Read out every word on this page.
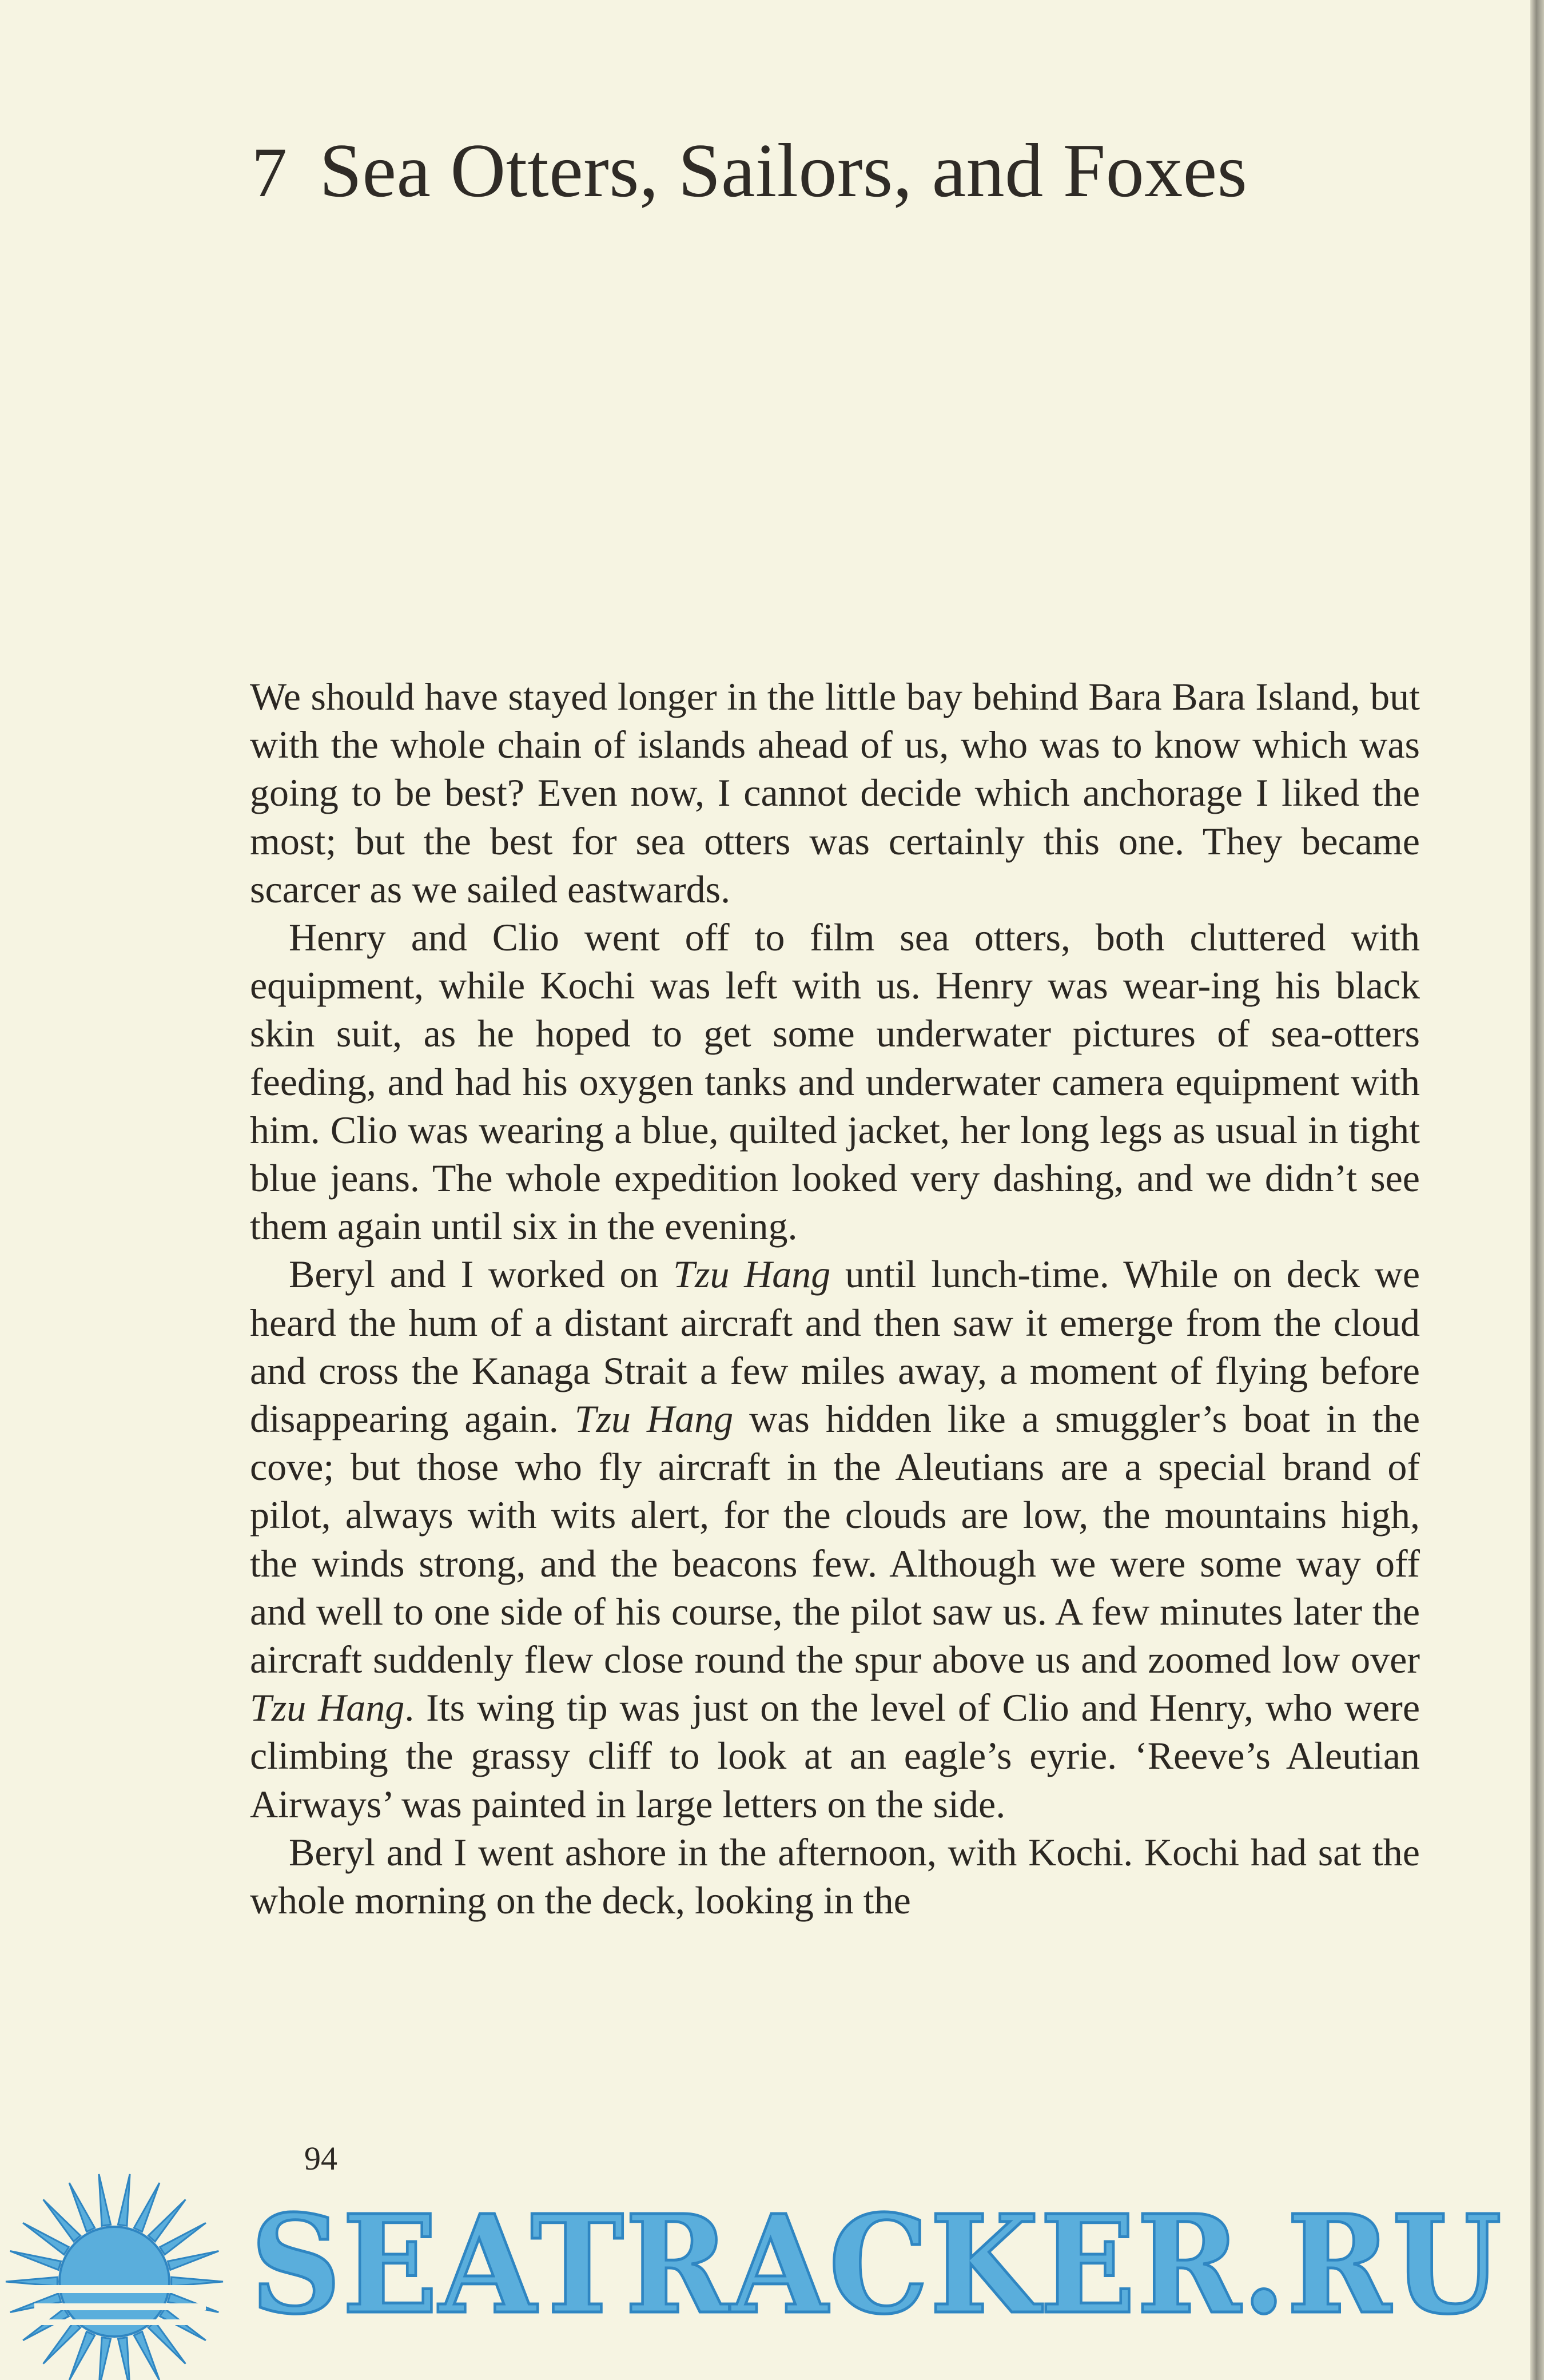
7 Sea Otters, Sailors, and Foxes

We should have stayed longer in the little bay behind Bara Bara Island, but with the whole chain of islands ahead of us, who was to know which was going to be best? Even now, I cannot decide which anchorage I liked the most; but the best for sea otters was certainly this one. They became scarcer as we sailed eastwards.

Henry and Clio went off to film sea otters, both cluttered with equipment, while Kochi was left with us. Henry was wear-ing his black skin suit, as he hoped to get some underwater pictures of sea-otters feeding, and had his oxygen tanks and underwater camera equipment with him. Clio was wearing a blue, quilted jacket, her long legs as usual in tight blue jeans. The whole expedition looked very dashing, and we didn’t see them again until six in the evening.

Beryl and I worked on Tzu Hang until lunch-time. While on deck we heard the hum of a distant aircraft and then saw it emerge from the cloud and cross the Kanaga Strait a few miles away, a moment of flying before disappearing again. Tzu Hang was hidden like a smuggler’s boat in the cove; but those who fly aircraft in the Aleutians are a special brand of pilot, always with wits alert, for the clouds are low, the mountains high, the winds strong, and the beacons few. Although we were some way off and well to one side of his course, the pilot saw us. A few minutes later the aircraft suddenly flew close round the spur above us and zoomed low over Tzu Hang. Its wing tip was just on the level of Clio and Henry, who were climbing the grassy cliff to look at an eagle’s eyrie. ‘Reeve’s Aleutian Airways’ was painted in large letters on the side.

Beryl and I went ashore in the afternoon, with Kochi. Kochi had sat the whole morning on the deck, looking in the

94
SEATRACKER.RU
